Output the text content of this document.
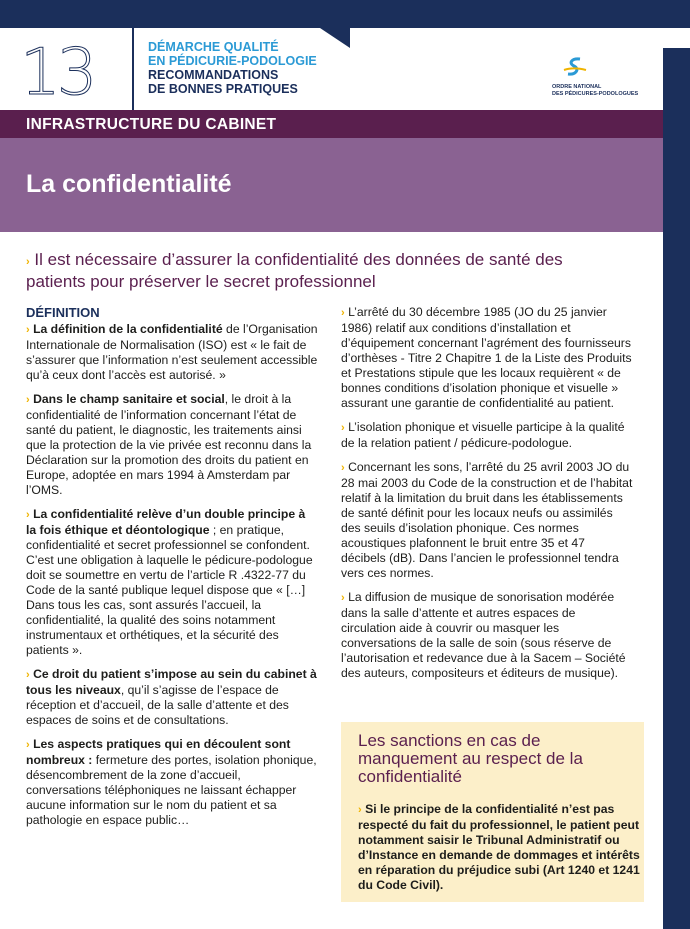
13	DÉMARCHE QUALITÉ
EN PÉDICURIE-PODOLOGIE
RECOMMANDATIONS
DE BONNES PRATIQUES	ORDRE NATIONAL
DES PÉDICURES-PODOLOGUES
INFRASTRUCTURE DU CABINET
La confidentialité
› Il est nécessaire d’assurer la confidentialité des données de santé des patients pour préserver le secret professionnel
DÉFINITION

› La définition de la confidentialité de l’Organisation Internationale de Normalisation (ISO) est « le fait de s’assurer que l’information n’est seulement accessible qu’à ceux dont l’accès est autorisé. »

› Dans le champ sanitaire et social, le droit à la confidentialité de l’information concernant l’état de santé du patient, le diagnostic, les traitements ainsi que la protection de la vie privée est reconnu dans la Déclaration sur la promotion des droits du patient en Europe, adoptée en mars 1994 à Amsterdam par l’OMS.

› La confidentialité relève d’un double principe à la fois éthique et déontologique ; en pratique, confidentialité et secret professionnel se confondent. C’est une obligation à laquelle le pédicure-podologue doit se soumettre en vertu de l’article R .4322-77 du Code de la santé publique lequel dispose que « […] Dans tous les cas, sont assurés l’accueil, la confidentialité, la qualité des soins notamment instrumentaux et orthétiques, et la sécurité des patients ».

› Ce droit du patient s’impose au sein du cabinet à tous les niveaux, qu’il s’agisse de l’espace de réception et d’accueil, de la salle d’attente et des espaces de soins et de consultations.

› Les aspects pratiques qui en découlent sont nombreux : fermeture des portes, isolation phonique, désencombrement de la zone d’accueil, conversations téléphoniques ne laissant échapper aucune information sur le nom du patient et sa pathologie en espace public…

› L’arrêté du 30 décembre 1985 (JO du 25 janvier 1986) relatif aux conditions d’installation et d’équipement concernant l’agrément des fournisseurs d’orthèses - Titre 2 Chapitre 1 de la Liste des Produits et Prestations stipule que les locaux requièrent « de bonnes conditions d’isolation phonique et visuelle » assurant une garantie de confidentialité au patient.

› L’isolation phonique et visuelle participe à la qualité de la relation patient / pédicure-podologue.

› Concernant les sons, l’arrêté du 25 avril 2003 JO du 28 mai 2003 du Code de la construction et de l’habitat relatif à la limitation du bruit dans les établissements de santé définit pour les locaux neufs ou assimilés des seuils d’isolation phonique. Ces normes acoustiques plafonnent le bruit entre 35 et 47 décibels (dB). Dans l’ancien le professionnel tendra vers ces normes.

› La diffusion de musique de sonorisation modérée dans la salle d’attente et autres espaces de circulation aide à couvrir ou masquer les conversations de la salle de soin (sous réserve de l’autorisation et redevance due à la Sacem – Société des auteurs, compositeurs et éditeurs de musique).

Les sanctions en cas de manquement au respect de la confidentialité

› Si le principe de la confidentialité n’est pas respecté du fait du professionnel, le patient peut notamment saisir le Tribunal Administratif ou d’Instance en demande de dommages et intérêts en réparation du préjudice subi (Art 1240 et 1241 du Code Civil).
